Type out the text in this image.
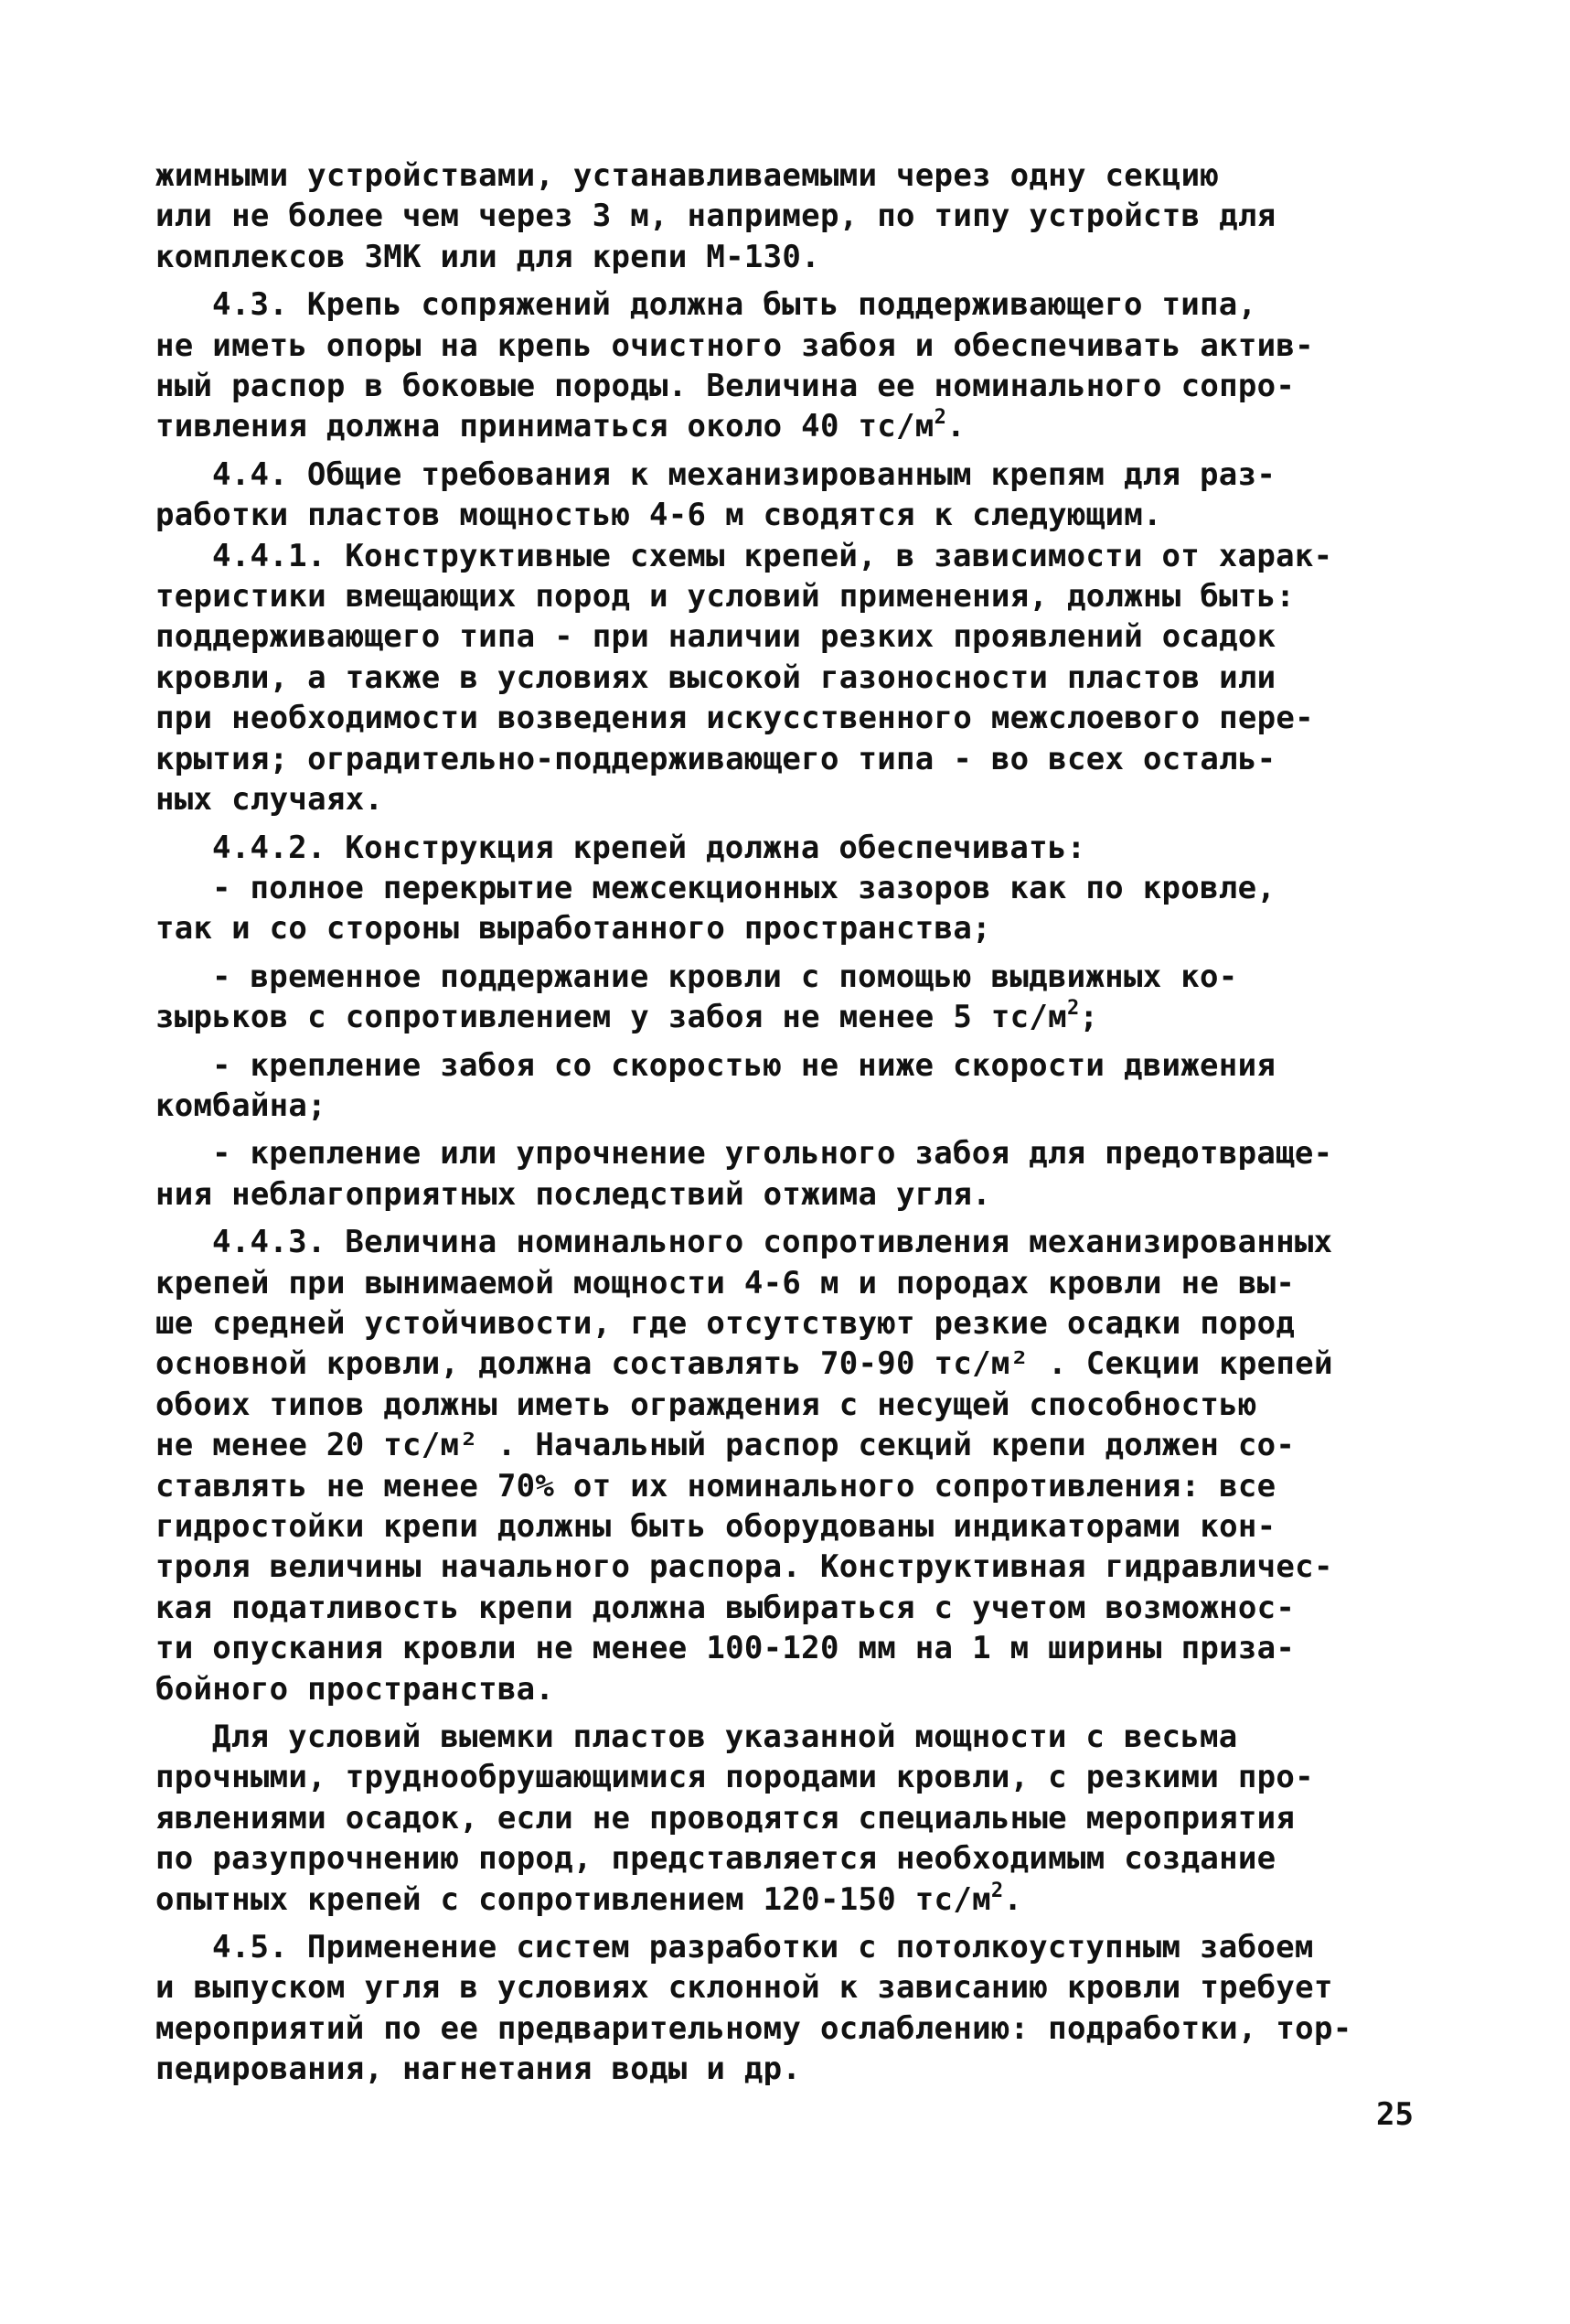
жимными устройствами, устанавливаемыми через одну секцию
или не более чем через 3 м, например, по типу устройств для
комплексов 3МК или для крепи М-130.

4.3. Крепь сопряжений должна быть поддерживающего типа,
не иметь опоры на крепь очистного забоя и обеспечивать актив-
ный распор в боковые породы. Величина ее номинального сопро-
тивления должна приниматься около 40 $тс/м^2$.

4.4. Общие требования к механизированным крепям для раз-
работки пластов мощностью 4-6 м сводятся к следующим.

4.4.1. Конструктивные схемы крепей, в зависимости от харак-
теристики вмещающих пород и условий применения, должны быть:
поддерживающего типа - при наличии резких проявлений осадок
кровли, а также в условиях высокой газоносности пластов или
при необходимости возведения искусственного межслоевого пере-
крытия; оградительно-поддерживающего типа - во всех осталь-
ных случаях.

4.4.2. Конструкция крепей должна обеспечивать:

- полное перекрытие межсекционных зазоров как по кровле,
так и со стороны выработанного пространства;

- временное поддержание кровли с помощью выдвижных ко-
зырьков с сопротивлением у забоя не менее 5 $тс/м^2$;

- крепление забоя со скоростью не ниже скорости движения
комбайна;

- крепление или упрочнение угольного забоя для предотвраще-
ния неблагоприятных последствий отжима угля.

4.4.3. Величина номинального сопротивления механизированных
крепей при вынимаемой мощности 4-6 м и породах кровли не вы-
ше средней устойчивости, где отсутствуют резкие осадки пород
основной кровли, должна составлять 70-90 тс/м² . Секции крепей
обоих типов должны иметь ограждения с несущей способностью
не менее 20 тс/м² . Начальный распор секций крепи должен со-
ставлять не менее 70% от их номинального сопротивления: все
гидростойки крепи должны быть оборудованы индикаторами кон-
троля величины начального распора. Конструктивная гидравличес-
кая податливость крепи должна выбираться с учетом возможнос-
ти опускания кровли не менее 100-120 мм на 1 м ширины приза-
бойного пространства.

Для условий выемки пластов указанной мощности с весьма
прочными, труднообрушающимися породами кровли, с резкими про-
явлениями осадок, если не проводятся специальные мероприятия
по разупрочнению пород, представляется необходимым создание
опытных крепей с сопротивлением 120-150 $тс/м^2$.

4.5. Применение систем разработки с потолкоуступным забоем
и выпуском угля в условиях склонной к зависанию кровли требует
мероприятий по ее предварительному ослаблению: подработки, тор-
педирования, нагнетания воды и др.

25
